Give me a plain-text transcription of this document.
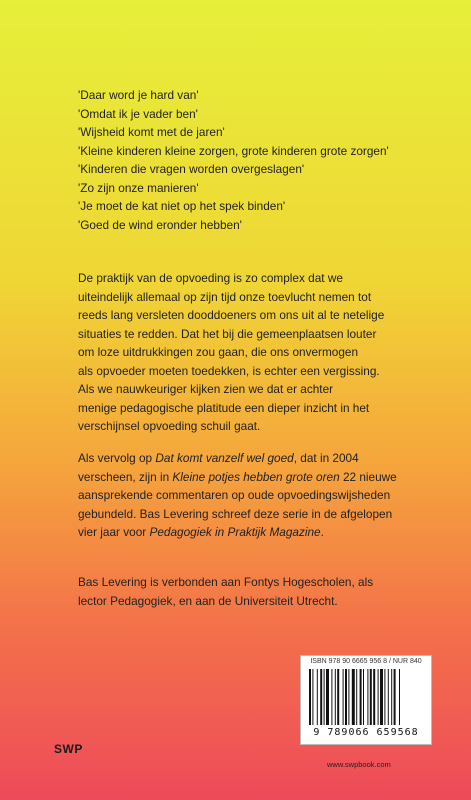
'Daar word je hard van'
'Omdat ik je vader ben'
'Wijsheid komt met de jaren'
'Kleine kinderen kleine zorgen, grote kinderen grote zorgen'
'Kinderen die vragen worden overgeslagen'
'Zo zijn onze manieren'
'Je moet de kat niet op het spek binden'
'Goed de wind eronder hebben'
De praktijk van de opvoeding is zo complex dat we
uiteindelijk allemaal op zijn tijd onze toevlucht nemen tot
reeds lang versleten dooddoeners om ons uit al te netelige
situaties te redden. Dat het bij die gemeenplaatsen louter
om loze uitdrukkingen zou gaan, die ons onvermogen
als opvoeder moeten toedekken, is echter een vergissing.
Als we nauwkeuriger kijken zien we dat er achter
menige pedagogische platitude een dieper inzicht in het
verschijnsel opvoeding schuil gaat.
Als vervolg op Dat komt vanzelf wel goed, dat in 2004
verscheen, zijn in Kleine potjes hebben grote oren 22 nieuwe
aansprekende commentaren op oude opvoedingswijsheden
gebundeld. Bas Levering schreef deze serie in de afgelopen
vier jaar voor Pedagogiek in Praktijk Magazine.
Bas Levering is verbonden aan Fontys Hogescholen, als
lector Pedagogiek, en aan de Universiteit Utrecht.
ISBN 978 90 6665 956 8 / NUR 840
9 789066 659568
SWP
www.swpbook.com
